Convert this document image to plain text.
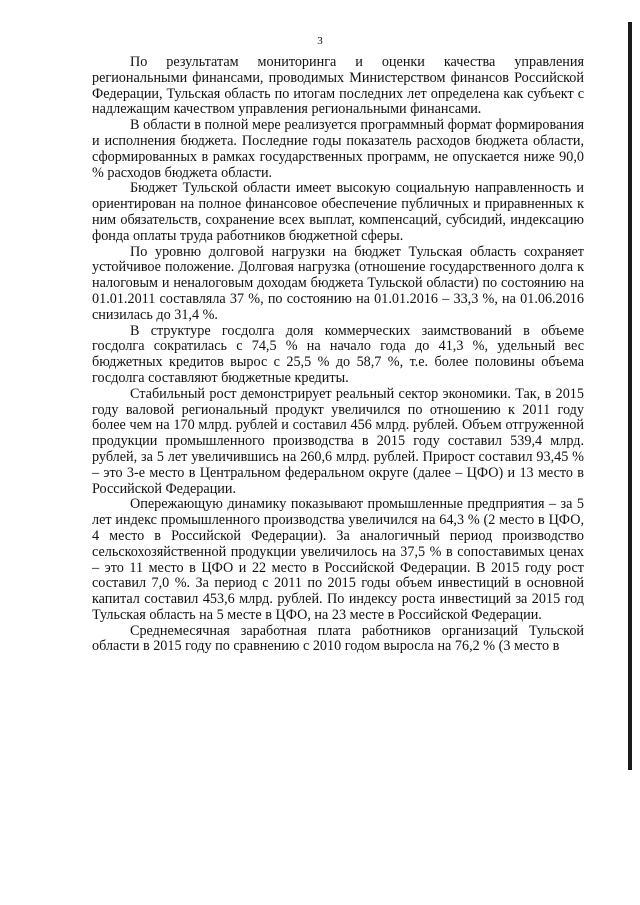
3

По результатам мониторинга и оценки качества управления региональными финансами, проводимых Министерством финансов Российской Федерации, Тульская область по итогам последних лет определена как субъект с надлежащим качеством управления региональными финансами.

В области в полной мере реализуется программный формат формирования и исполнения бюджета. Последние годы показатель расходов бюджета области, сформированных в рамках государственных программ, не опускается ниже 90,0 % расходов бюджета области.

Бюджет Тульской области имеет высокую социальную направленность и ориентирован на полное финансовое обеспечение публичных и приравненных к ним обязательств, сохранение всех выплат, компенсаций, субсидий, индексацию фонда оплаты труда работников бюджетной сферы.

По уровню долговой нагрузки на бюджет Тульская область сохраняет устойчивое положение. Долговая нагрузка (отношение государственного долга к налоговым и неналоговым доходам бюджета Тульской области) по состоянию на 01.01.2011 составляла 37 %, по состоянию на 01.01.2016 – 33,3 %, на 01.06.2016 снизилась до 31,4 %.

В структуре госдолга доля коммерческих заимствований в объеме госдолга сократилась с 74,5 % на начало года до 41,3 %, удельный вес бюджетных кредитов вырос с 25,5 % до 58,7 %, т.е. более половины объема госдолга составляют бюджетные кредиты.

Стабильный рост демонстрирует реальный сектор экономики. Так, в 2015 году валовой региональный продукт увеличился по отношению к 2011 году более чем на 170 млрд. рублей и составил 456 млрд. рублей. Объем отгруженной продукции промышленного производства в 2015 году составил 539,4 млрд. рублей, за 5 лет увеличившись на 260,6 млрд. рублей. Прирост составил 93,45 % – это 3-е место в Центральном федеральном округе (далее – ЦФО) и 13 место в Российской Федерации.

Опережающую динамику показывают промышленные предприятия – за 5 лет индекс промышленного производства увеличился на 64,3 % (2 место в ЦФО, 4 место в Российской Федерации). За аналогичный период производство сельскохозяйственной продукции увеличилось на 37,5 % в сопоставимых ценах – это 11 место в ЦФО и 22 место в Российской Федерации. В 2015 году рост составил 7,0 %. За период с 2011 по 2015 годы объем инвестиций в основной капитал составил 453,6 млрд. рублей. По индексу роста инвестиций за 2015 год Тульская область на 5 месте в ЦФО, на 23 месте в Российской Федерации.

Среднемесячная заработная плата работников организаций Тульской области в 2015 году по сравнению с 2010 годом выросла на 76,2 % (3 место в
